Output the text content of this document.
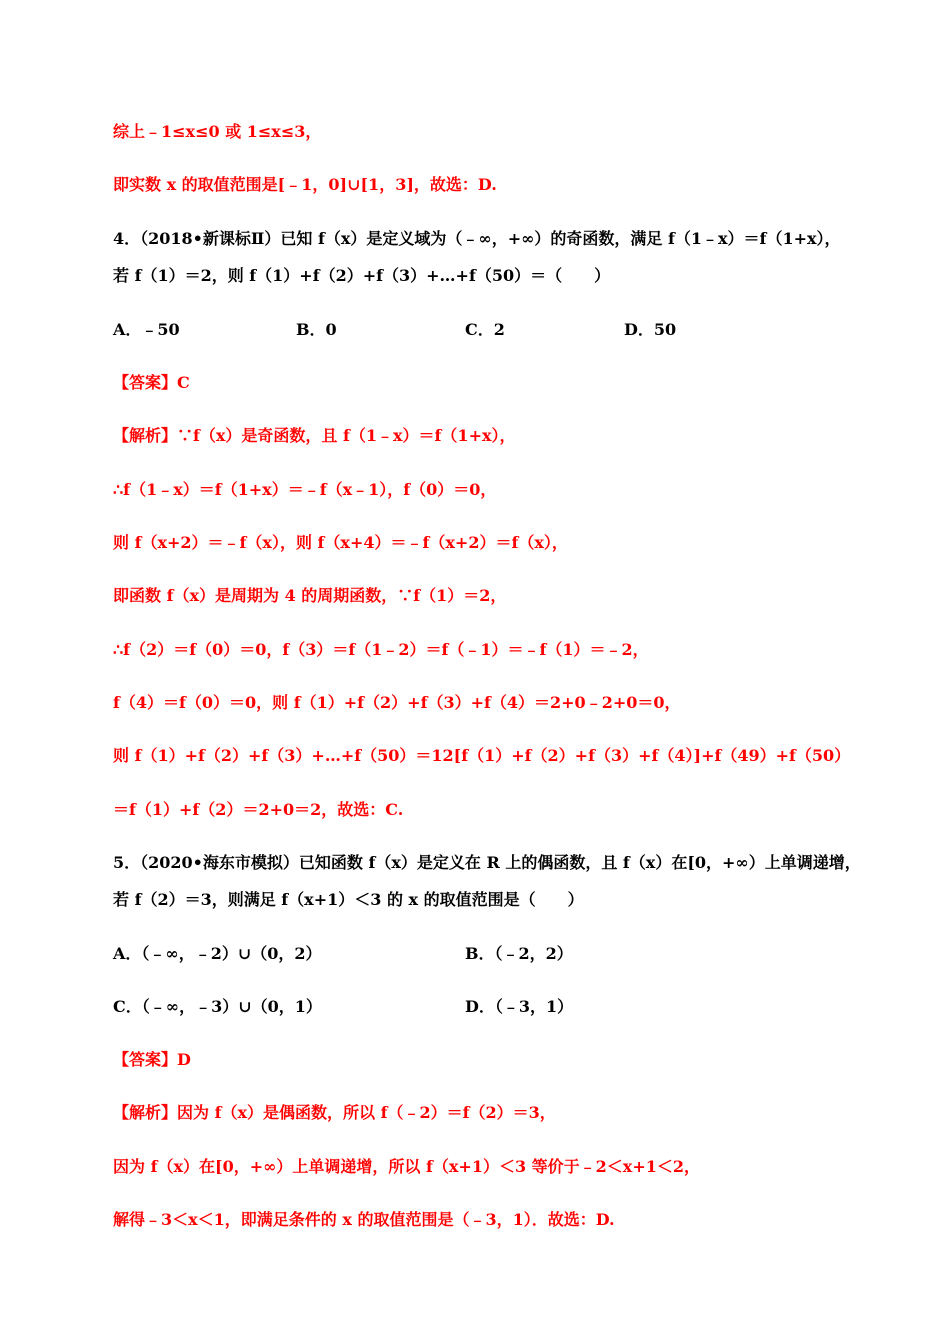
综上﹣1≤x≤0 或 1≤x≤3，
即实数 x 的取值范围是[﹣1，0]∪[1，3]，故选：D.
4．（2018•新课标Ⅱ）已知 f（x）是定义域为（﹣∞，+∞）的奇函数，满足 f（1﹣x）＝f（1+x），
若 f（1）＝2，则 f（1）+f（2）+f（3）+…+f（50）＝（　　）
A．﹣50	B．0	C．2	D．50
【答案】C
【解析】∵f（x）是奇函数，且 f（1﹣x）＝f（1+x），
∴f（1﹣x）＝f（1+x）＝﹣f（x﹣1），f（0）＝0，
则 f（x+2）＝﹣f（x），则 f（x+4）＝﹣f（x+2）＝f（x），
即函数 f（x）是周期为 4 的周期函数，∵f（1）＝2，
∴f（2）＝f（0）＝0，f（3）＝f（1﹣2）＝f（﹣1）＝﹣f（1）＝﹣2，
f（4）＝f（0）＝0，则 f（1）+f（2）+f（3）+f（4）＝2+0﹣2+0＝0，
则 f（1）+f（2）+f（3）+…+f（50）＝12[f（1）+f（2）+f（3）+f（4）]+f（49）+f（50）
＝f（1）+f（2）＝2+0＝2，故选：C.
5．（2020•海东市模拟）已知函数 f（x）是定义在 R 上的偶函数，且 f（x）在[0，+∞）上单调递增，
若 f（2）＝3，则满足 f（x+1）＜3 的 x 的取值范围是（　　）
A．（﹣∞，﹣2）∪（0，2）	B．（﹣2，2）
C．（﹣∞，﹣3）∪（0，1）	D．（﹣3，1）
【答案】D
【解析】因为 f（x）是偶函数，所以 f（﹣2）＝f（2）＝3，
因为 f（x）在[0，+∞）上单调递增，所以 f（x+1）＜3 等价于﹣2＜x+1＜2，
解得﹣3＜x＜1，即满足条件的 x 的取值范围是（﹣3，1）．故选：D.
